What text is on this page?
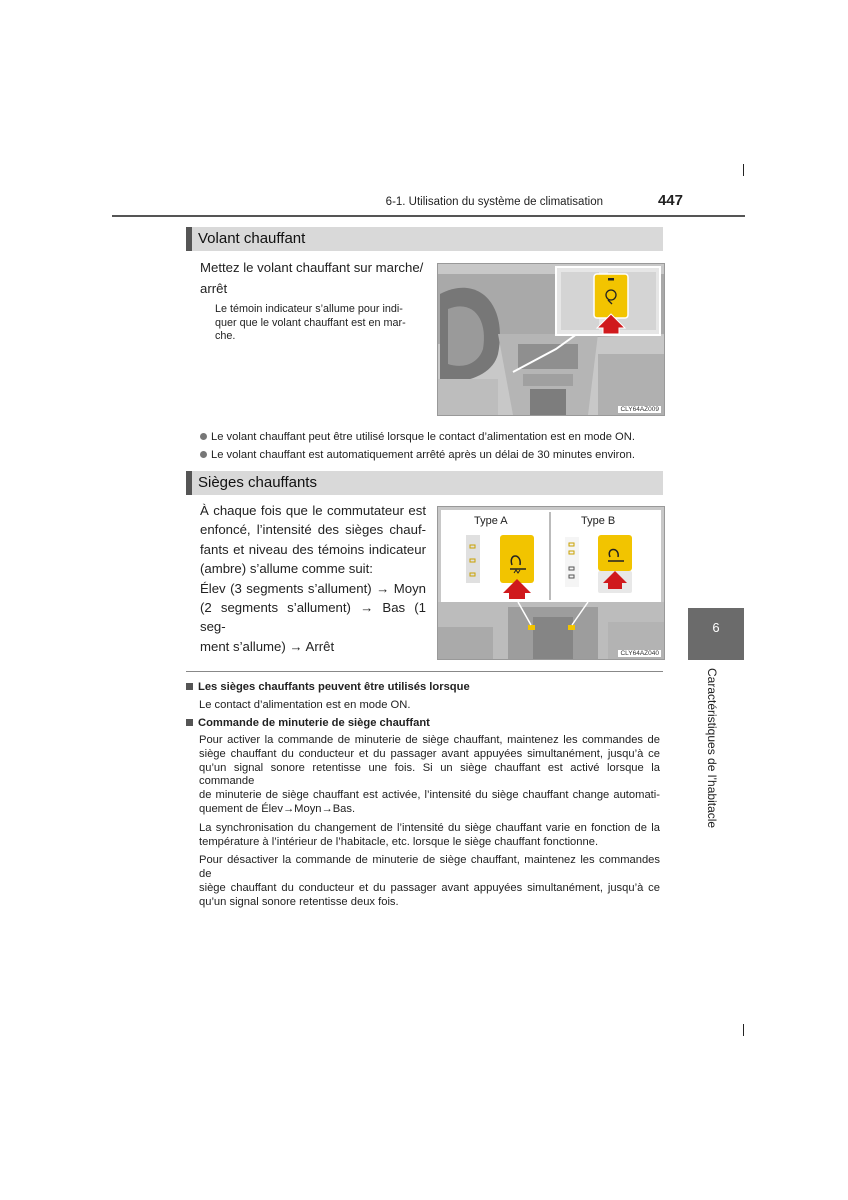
6-1. Utilisation du système de climatisation	447
6
Caractéristiques de l’habitacle
Volant chauffant
Mettez le volant chauffant sur marche/
arrêt
Le témoin indicateur s’allume pour indi-
quer que le volant chauffant est en mar-
che.
CLY64AZ009
Le volant chauffant peut être utilisé lorsque le contact d’alimentation est en mode ON.
Le volant chauffant est automatiquement arrêté après un délai de 30 minutes environ.
Sièges chauffants
À chaque fois que le commutateur est
enfoncé, l’intensité des sièges chauf-
fants et niveau des témoins indicateur
(ambre) s’allume comme suit:
Élev (3 segments s’allument) → Moyn
(2 segments s’allument) → Bas (1 seg-
ment s’allume) → Arrêt
Type A	Type B
CLY64AZ040
Les sièges chauffants peuvent être utilisés lorsque
Le contact d’alimentation est en mode ON.
Commande de minuterie de siège chauffant
Pour activer la commande de minuterie de siège chauffant, maintenez les commandes de
siège chauffant du conducteur et du passager avant appuyées simultanément, jusqu’à ce
qu’un signal sonore retentisse une fois. Si un siège chauffant est activé lorsque la commande
de minuterie de siège chauffant est activée, l’intensité du siège chauffant change automati-
quement de Élev→Moyn→Bas.
La synchronisation du changement de l’intensité du siège chauffant varie en fonction de la
température à l’intérieur de l’habitacle, etc. lorsque le siège chauffant fonctionne.
Pour désactiver la commande de minuterie de siège chauffant, maintenez les commandes de
siège chauffant du conducteur et du passager avant appuyées simultanément, jusqu’à ce
qu’un signal sonore retentisse deux fois.
